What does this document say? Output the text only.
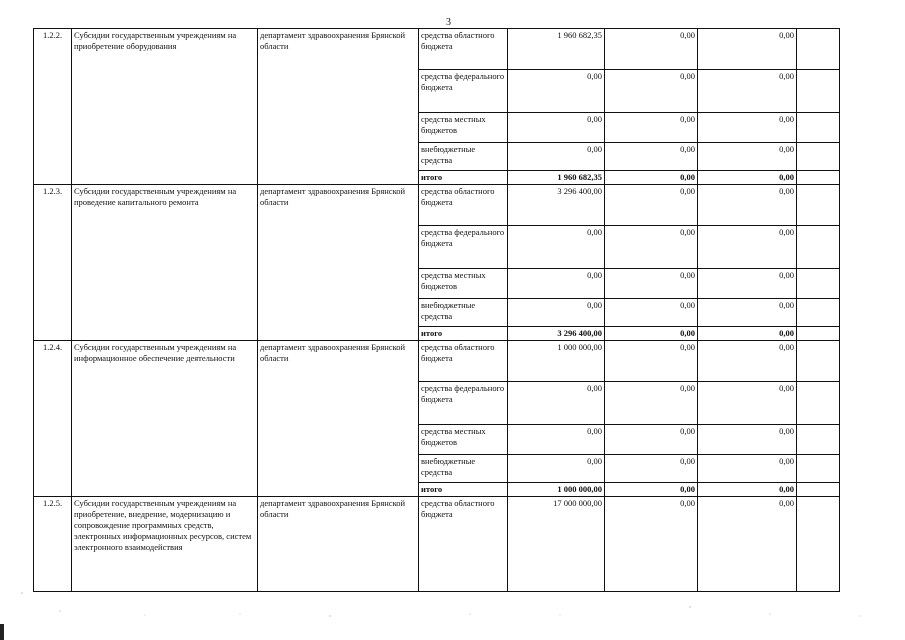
3
1.2.2.	Субсидии государственным учреждениям на приобретение оборудования	департамент здравоохранения Брянской области	средства областного бюджета	1 960 682,35	0,00	0,00	
			средства федерального бюджета	0,00	0,00	0,00	
			средства местных бюджетов	0,00	0,00	0,00	
			внебюджетные средства	0,00	0,00	0,00	
			итого	1 960 682,35	0,00	0,00	
1.2.3.	Субсидии государственным учреждениям на проведение капитального ремонта	департамент здравоохранения Брянской области	средства областного бюджета	3 296 400,00	0,00	0,00	
			средства федерального бюджета	0,00	0,00	0,00	
			средства местных бюджетов	0,00	0,00	0,00	
			внебюджетные средства	0,00	0,00	0,00	
			итого	3 296 400,00	0,00	0,00	
1.2.4.	Субсидии государственным учреждениям на информационное обеспечение деятельности	департамент здравоохранения Брянской области	средства областного бюджета	1 000 000,00	0,00	0,00	
			средства федерального бюджета	0,00	0,00	0,00	
			средства местных бюджетов	0,00	0,00	0,00	
			внебюджетные средства	0,00	0,00	0,00	
			итого	1 000 000,00	0,00	0,00	
1.2.5.	Субсидии государственным учреждениям на приобретение, внедрение, модернизацию и сопровождение программных средств, электронных информационных ресурсов, систем электронного взаимодействия	департамент здравоохранения Брянской области	средства областного бюджета	17 000 000,00	0,00	0,00	
